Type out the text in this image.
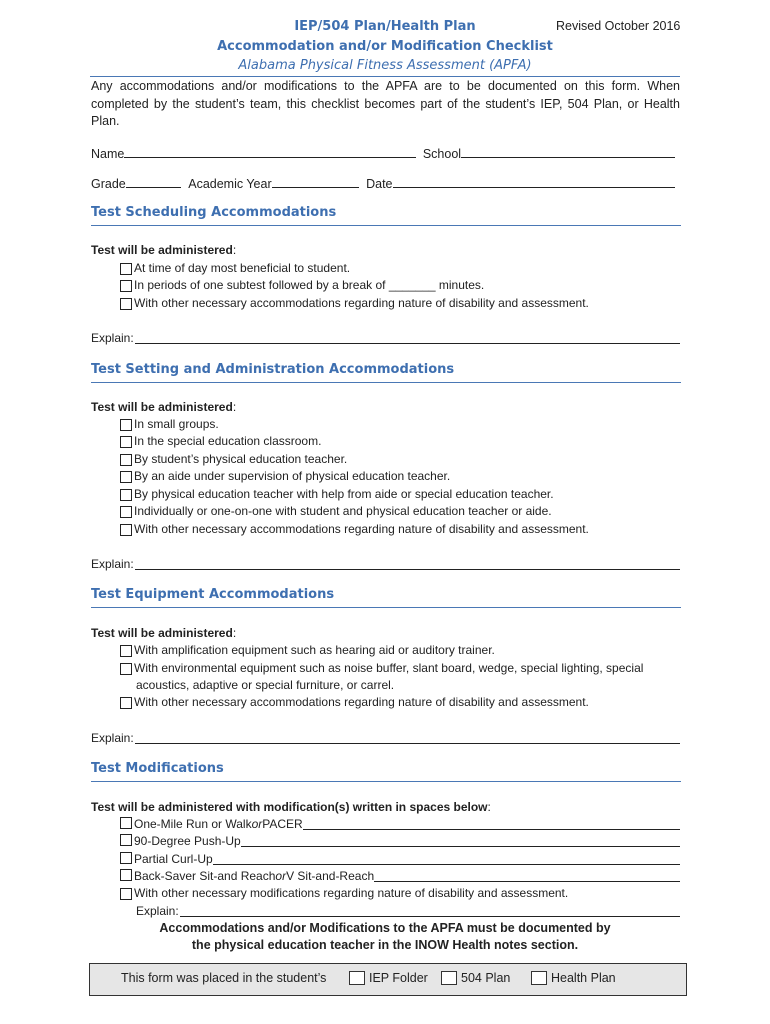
IEP/504 Plan/Health Plan	Revised October 2016
Accommodation and/or Modification Checklist
Alabama Physical Fitness Assessment (APFA)
Any accommodations and/or modifications to the APFA are to be documented on this form. When completed by the student’s team, this checklist becomes part of the student’s IEP, 504 Plan, or Health Plan.
Name	School
Grade	Academic Year	Date
Test Scheduling Accommodations
Test will be administered:
At time of day most beneficial to student.
In periods of one subtest followed by a break of _______ minutes.
With other necessary accommodations regarding nature of disability and assessment.
Explain:
Test Setting and Administration Accommodations
Test will be administered:
In small groups.
In the special education classroom.
By student’s physical education teacher.
By an aide under supervision of physical education teacher.
By physical education teacher with help from aide or special education teacher.
Individually or one-on-one with student and physical education teacher or aide.
With other necessary accommodations regarding nature of disability and assessment.
Explain:
Test Equipment Accommodations
Test will be administered:
With amplification equipment such as hearing aid or auditory trainer.
With environmental equipment such as noise buffer, slant board, wedge, special lighting, special
acoustics, adaptive or special furniture, or carrel.
With other necessary accommodations regarding nature of disability and assessment.
Explain:
Test Modifications
Test will be administered with modification(s) written in spaces below:
One-Mile Run or Walk or PACER
90-Degree Push-Up
Partial Curl-Up
Back-Saver Sit-and Reach or V Sit-and-Reach
With other necessary modifications regarding nature of disability and assessment.
Explain:
Accommodations and/or Modifications to the APFA must be documented by
the physical education teacher in the INOW Health notes section.
This form was placed in the student’s	IEP Folder	504 Plan	Health Plan
